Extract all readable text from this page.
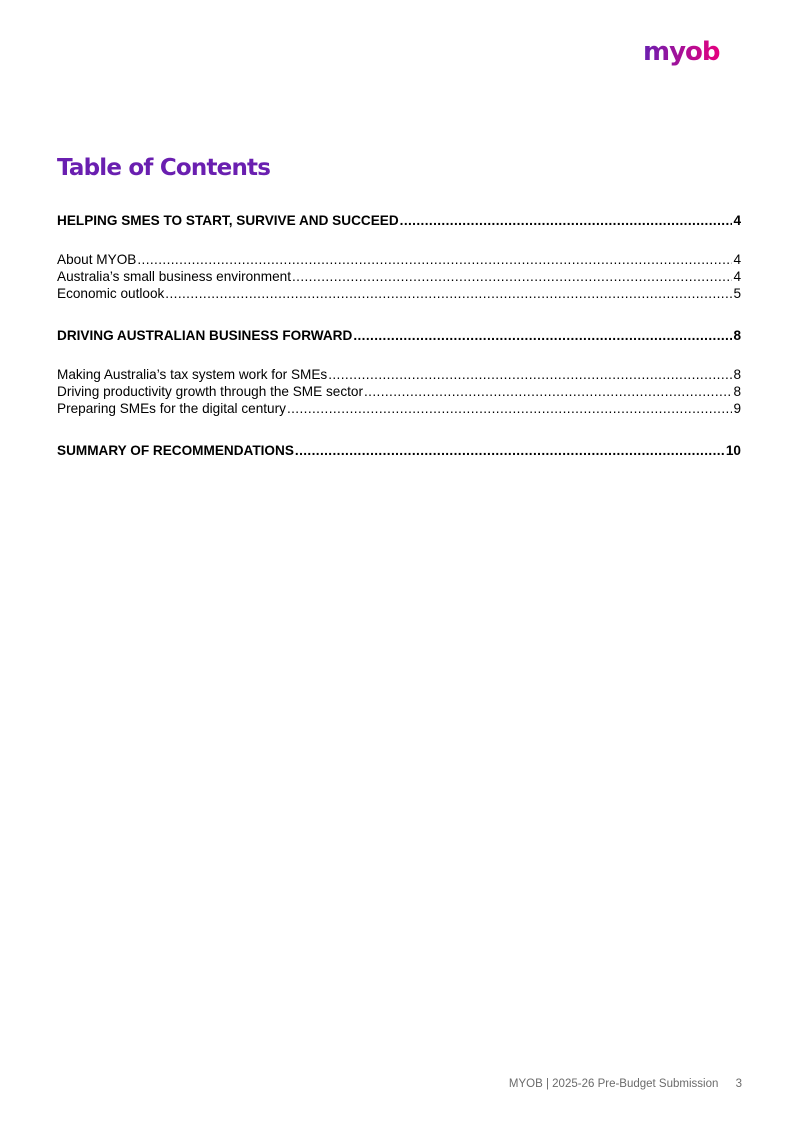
myob
Table of Contents
HELPING SMES TO START, SURVIVE AND SUCCEED .....	4
About MYOB .....	4
Australia’s small business environment .....	4
Economic outlook .....	5
DRIVING AUSTRALIAN BUSINESS FORWARD .....	8
Making Australia’s tax system work for SMEs .....	8
Driving productivity growth through the SME sector .....	8
Preparing SMEs for the digital century .....	9
SUMMARY OF RECOMMENDATIONS .....	10
MYOB | 2025-26 Pre-Budget Submission 3
